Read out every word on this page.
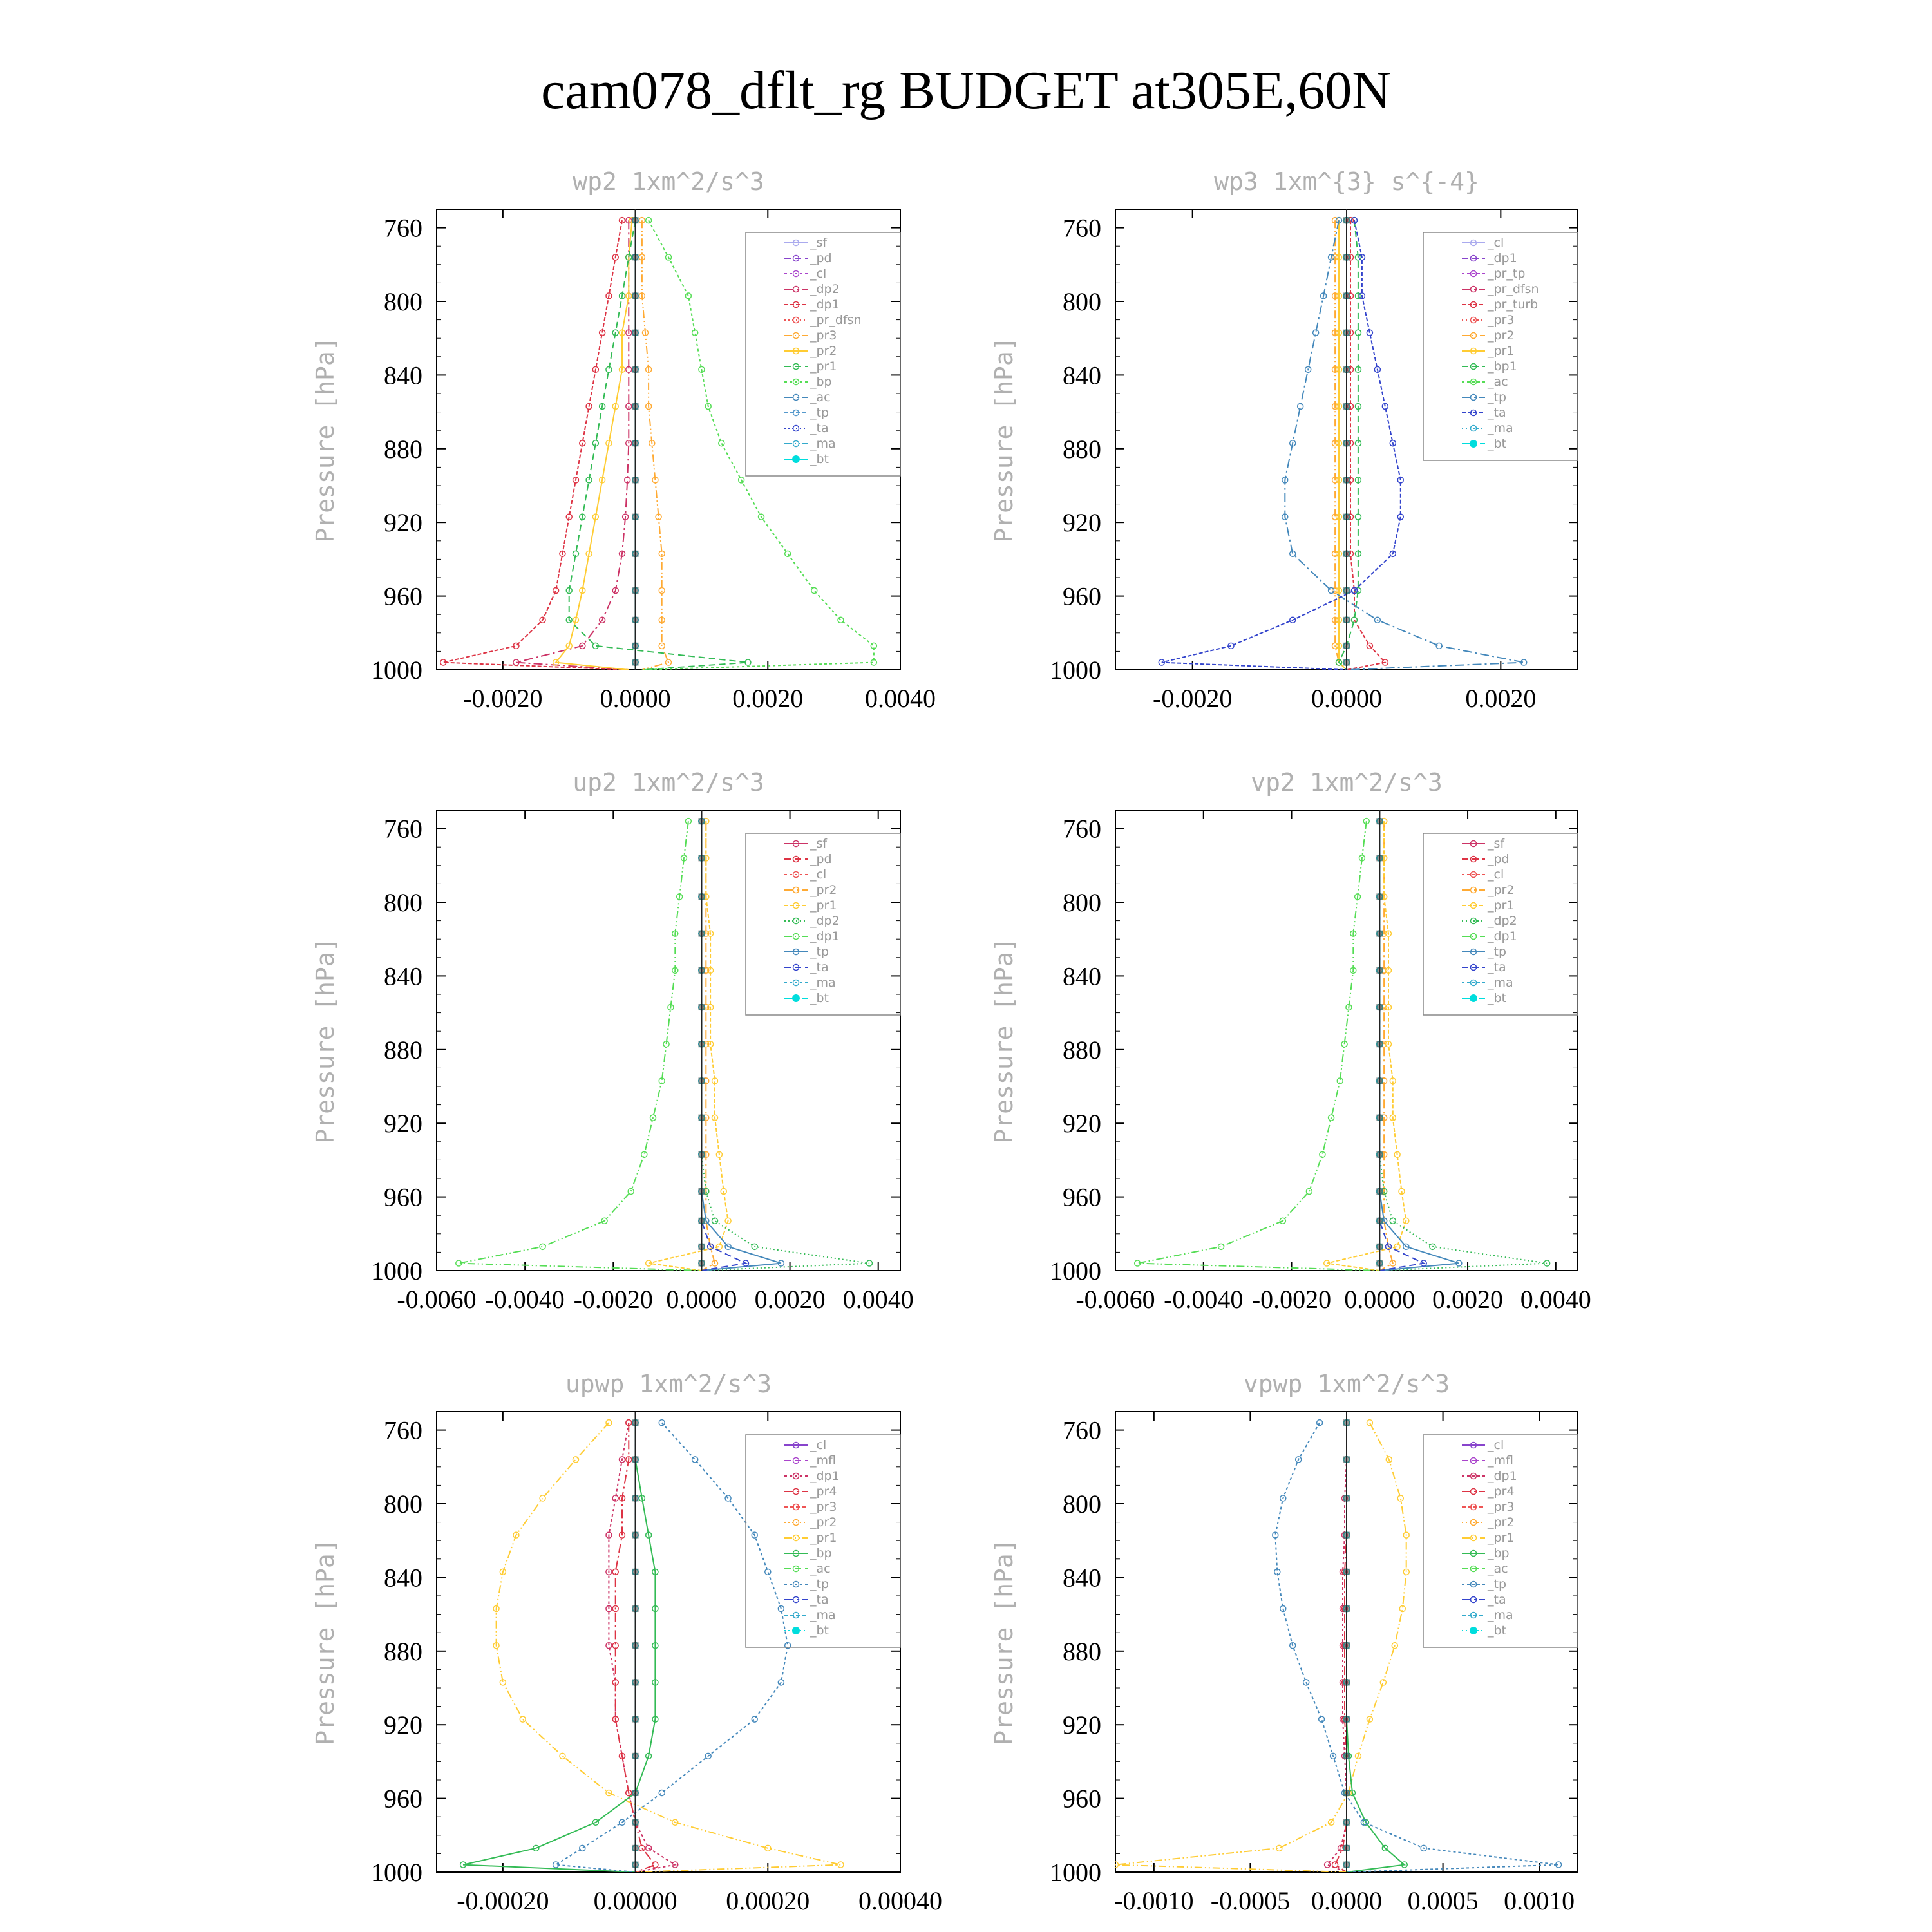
cam078_dflt_rg BUDGET at305E,60N
wp2 1xm^2/s^3
Pressure [hPa]
760
800
840
880
920
960
1000
-0.0020 0.0000 0.0020 0.0040
_sf
_pd
_cl
_dp2
_dp1
_pr_dfsn
_pr3
_pr2
_pr1
_bp
_ac
_tp
_ta
_ma
_bt
wp3 1xm^{3} s^{-4}
Pressure [hPa]
760
800
840
880
920
960
1000
-0.0020	0.0000	0.0020
_cl
_dp1
_pr_tp
_pr_dfsn
_pr_turb
_pr3
_pr2
_pr1
_bp1
_ac
_tp
_ta
_ma
_bt
up2 1xm^2/s^3
Pressure [hPa]
760
800
840
880
920
960
1000
-0.0060 -0.0040 -0.0020 0.0000 0.0020 0.0040
_sf
_pd
_cl
_pr2
_pr1
_dp2
_dp1
_tp
_ta
_ma
_bt
vp2 1xm^2/s^3
Pressure [hPa]
760
800
840
880
920
960
1000
-0.0060 -0.0040 -0.0020 0.0000 0.0020 0.0040
_sf
_pd
_cl
_pr2
_pr1
_dp2
_dp1
_tp
_ta
_ma
_bt
upwp 1xm^2/s^3
Pressure [hPa]
760
800
840
880
920
960
1000
-0.00020 0.00000 0.00020 0.00040
_cl
_mfl
_dp1
_pr4
_pr3
_pr2
_pr1
_bp
_ac
_tp
_ta
_ma
_bt
vpwp 1xm^2/s^3
Pressure [hPa]
760
800
840
880
920
960
1000
-0.0010 -0.0005 0.0000 0.0005 0.0010
_cl
_mfl
_dp1
_pr4
_pr3
_pr2
_pr1
_bp
_ac
_tp
_ta
_ma
_bt
